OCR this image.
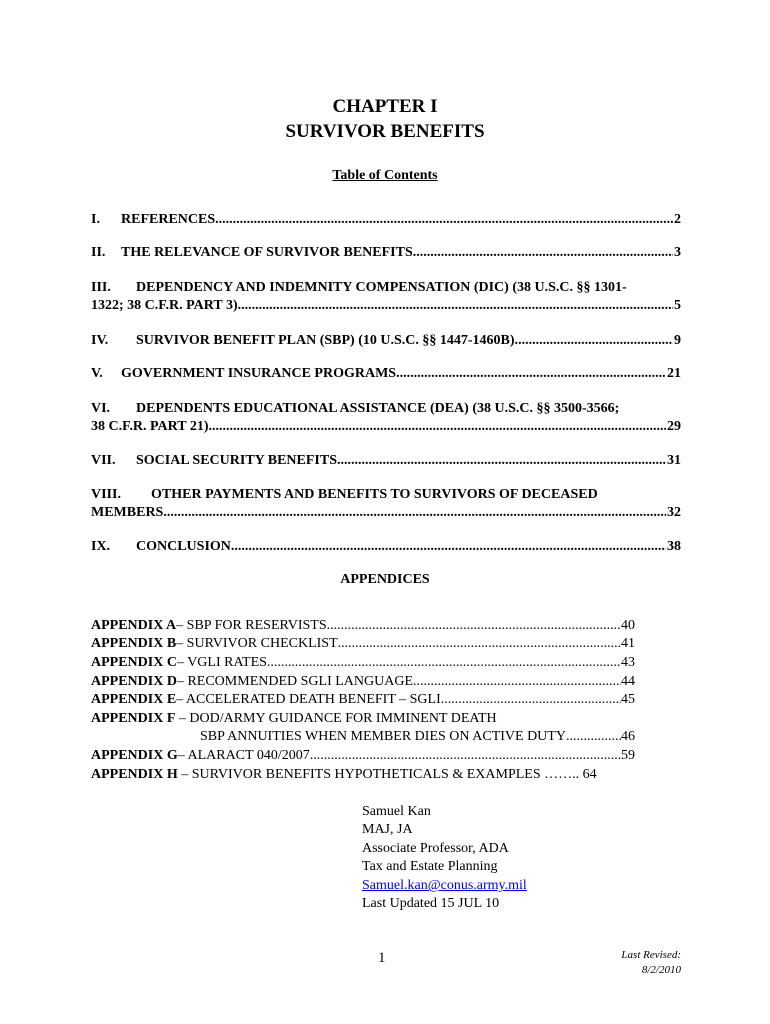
CHAPTER I
SURVIVOR BENEFITS
Table of Contents
I.	REFERENCES .....	2
II.	THE RELEVANCE OF SURVIVOR BENEFITS. .....	3
III. DEPENDENCY AND INDEMNITY COMPENSATION (DIC) (38 U.S.C. §§ 1301-
1322; 38 C.F.R. PART 3). .....	5
IV.	SURVIVOR BENEFIT PLAN (SBP) (10 U.S.C. §§ 1447-1460B). .....	9
V.	GOVERNMENT INSURANCE PROGRAMS. .....	21
VI. DEPENDENTS EDUCATIONAL ASSISTANCE (DEA) (38 U.S.C. §§ 3500-3566;
38 C.F.R. PART 21). .....	29
VII.	SOCIAL SECURITY BENEFITS. .....	31
VIII. OTHER PAYMENTS AND BENEFITS TO SURVIVORS OF DECEASED
MEMBERS. .....	32
IX.	CONCLUSION. .....	38
APPENDICES
APPENDIX A – SBP FOR RESERVISTS .....	40
APPENDIX B – SURVIVOR CHECKLIST .....	41
APPENDIX C – VGLI RATES .....	43
APPENDIX D – RECOMMENDED SGLI LANGUAGE .....	44
APPENDIX E – ACCELERATED DEATH BENEFIT – SGLI .....	45
APPENDIX F – DOD/ARMY GUIDANCE FOR IMMINENT DEATH
SBP ANNUITIES WHEN MEMBER DIES ON ACTIVE DUTY .....	46
APPENDIX G – ALARACT 040/2007 .....	59
APPENDIX H – SURVIVOR BENEFITS HYPOTHETICALS & EXAMPLES …….. 64
Samuel Kan
MAJ, JA
Associate Professor, ADA
Tax and Estate Planning
Samuel.kan@conus.army.mil
Last Updated 15 JUL 10
1	Last Revised:
8/2/2010
